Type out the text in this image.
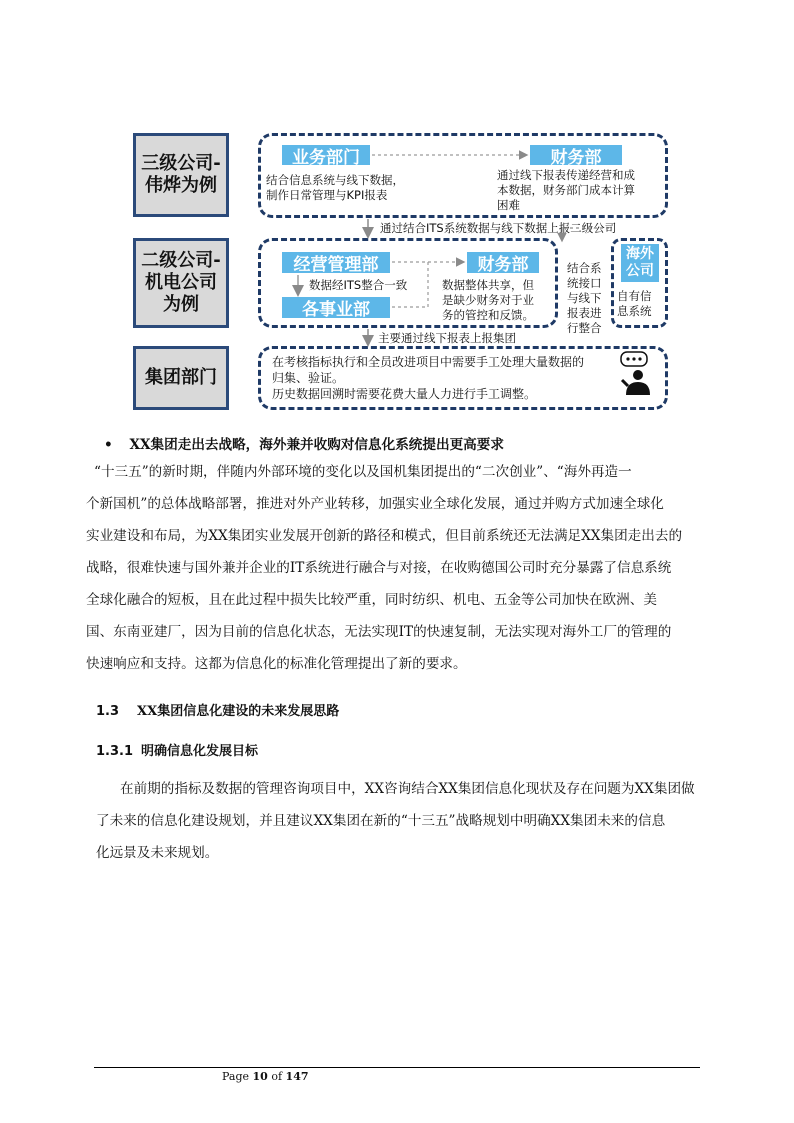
三级公司-
伟烨为例
二级公司-
机电公司
为例
集团部门
业务部门	财务部
结合信息系统与线下数据，
制作日常管理与KPI报表
通过线下报表传递经营和成
本数据，财务部门成本计算
困难
通过结合ITS系统数据与线下数据上报二级公司
经营管理部	财务部
各事业部
数据经ITS整合一致	数据整体共享，但
是缺少财务对于业
务的管控和反馈。
结合系
统接口
与线下
报表进
行整合
海外
公司
自有信
息系统
主要通过线下报表上报集团
在考核指标执行和全员改进项目中需要手工处理大量数据的
归集、验证。
历史数据回溯时需要花费大量人力进行手工调整。
• XX集团走出去战略，海外兼并收购对信息化系统提出更高要求
“十三五”的新时期，伴随内外部环境的变化以及国机集团提出的“二次创业”、“海外再造一
个新国机”的总体战略部署，推进对外产业转移，加强实业全球化发展，通过并购方式加速全球化
实业建设和布局，为XX集团实业发展开创新的路径和模式，但目前系统还无法满足XX集团走出去的
战略，很难快速与国外兼并企业的IT系统进行融合与对接，在收购德国公司时充分暴露了信息系统
全球化融合的短板，且在此过程中损失比较严重，同时纺织、机电、五金等公司加快在欧洲、美
国、东南亚建厂，因为目前的信息化状态，无法实现IT的快速复制，无法实现对海外工厂的管理的
快速响应和支持。这都为信息化的标准化管理提出了新的要求。
1.3 XX集团信息化建设的未来发展思路
1.3.1 明确信息化发展目标
在前期的指标及数据的管理咨询项目中，XX咨询结合XX集团信息化现状及存在问题为XX集团做
了未来的信息化建设规划，并且建议XX集团在新的“十三五”战略规划中明确XX集团未来的信息
化远景及未来规划。
Page 10 of 147
